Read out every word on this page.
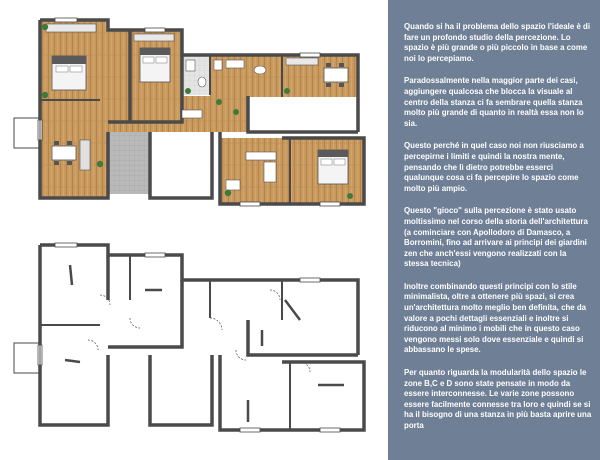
Quando si ha il problema dello spazio l'ideale è di fare un profondo studio della percezione. Lo spazio è più grande o più piccolo in base a come noi lo percepiamo.

Paradossalmente nella maggior parte dei casi, aggiungere qualcosa che blocca la visuale al centro della stanza ci fa sembrare quella stanza molto più grande di quanto in realtà essa non lo sia.

Questo perché in quel caso noi non riusciamo a percepirne i limiti e quindi la nostra mente, pensando che lì dietro potrebbe esserci qualunque cosa ci fa percepire lo spazio come molto più ampio.

Questo "gioco" sulla percezione è stato usato moltissimo nel corso della storia dell'architettura (a cominciare con Apollodoro di Damasco, a Borromini, fino ad arrivare ai principi dei giardini zen che anch'essi vengono realizzati con la stessa tecnica)

Inoltre combinando questi principi con lo stile minimalista, oltre a ottenere più spazi, si crea un'architettura molto meglio ben definita, che da valore a pochi dettagli essenziali e inoltre si riducono al minimo i mobili che in questo caso vengono messi solo dove essenziale e quindi si abbassano le spese.

Per quanto riguarda la modularità dello spazio le zone B,C e D sono state pensate in modo da essere interconnesse. Le varie zone possono essere facilmente connesse tra loro e quindi se si ha il bisogno di una stanza in più basta aprire una porta
